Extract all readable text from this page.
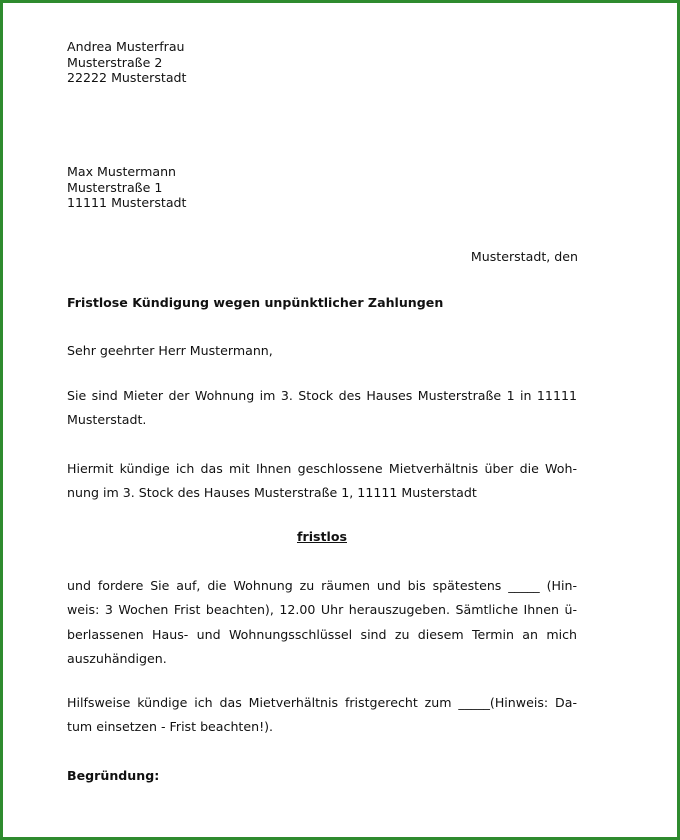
Andrea Musterfrau
Musterstraße 2
22222 Musterstadt
Max Mustermann
Musterstraße 1
11111 Musterstadt
Musterstadt, den
Fristlose Kündigung wegen unpünktlicher Zahlungen
Sehr geehrter Herr Mustermann,
Sie sind Mieter der Wohnung im 3. Stock des Hauses Musterstraße 1 in 11111
Musterstadt.
Hiermit kündige ich das mit Ihnen geschlossene Mietverhältnis über die Woh-
nung im 3. Stock des Hauses Musterstraße 1, 11111 Musterstadt
fristlos
und fordere Sie auf, die Wohnung zu räumen und bis spätestens _____ (Hin-
weis: 3 Wochen Frist beachten), 12.00 Uhr herauszugeben. Sämtliche Ihnen ü-
berlassenen Haus- und Wohnungsschlüssel sind zu diesem Termin an mich
auszuhändigen.
Hilfsweise kündige ich das Mietverhältnis fristgerecht zum _____(Hinweis: Da-
tum einsetzen - Frist beachten!).
Begründung:
